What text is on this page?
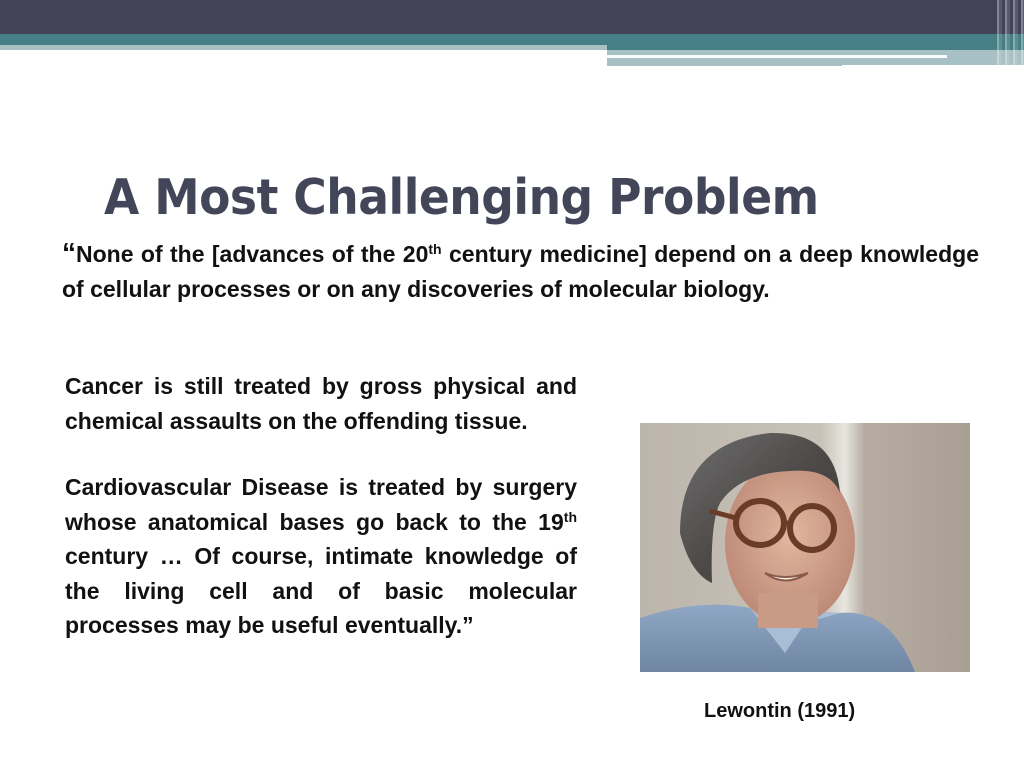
A Most Challenging Problem

“None of the [advances of the 20th century medicine] depend on a deep knowledge of cellular processes or on any discoveries of molecular biology.

Cancer is still treated by gross physical and chemical assaults on the offending tissue.

Cardiovascular Disease is treated by surgery whose anatomical bases go back to the 19th century … Of course, intimate knowledge of the living cell and of basic molecular processes may be useful eventually.”

Lewontin (1991)
